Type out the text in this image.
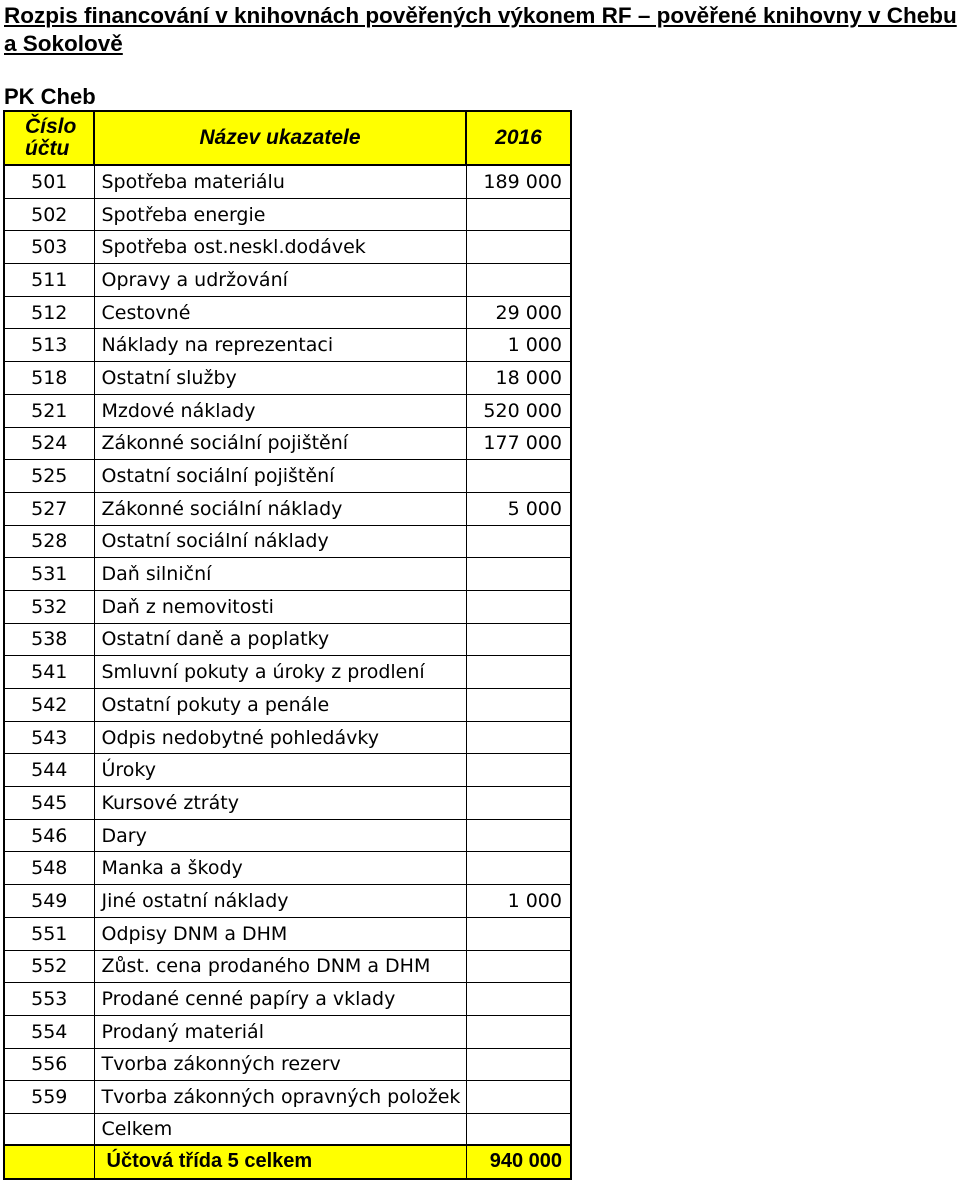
Rozpis financování v knihovnách pověřených výkonem RF – pověřené knihovny v Chebu a Sokolově
PK Cheb
Číslo účtu	Název ukazatele	2016
501	Spotřeba materiálu	189 000
502	Spotřeba energie	
503	Spotřeba ost.neskl.dodávek	
511	Opravy a udržování	
512	Cestovné	29 000
513	Náklady na reprezentaci	1 000
518	Ostatní služby	18 000
521	Mzdové náklady	520 000
524	Zákonné sociální pojištění	177 000
525	Ostatní sociální pojištění	
527	Zákonné sociální náklady	5 000
528	Ostatní sociální náklady	
531	Daň silniční	
532	Daň z nemovitosti	
538	Ostatní daně a poplatky	
541	Smluvní pokuty a úroky z prodlení	
542	Ostatní pokuty a penále	
543	Odpis nedobytné pohledávky	
544	Úroky	
545	Kursové ztráty	
546	Dary	
548	Manka a škody	
549	Jiné ostatní náklady	1 000
551	Odpisy DNM a DHM	
552	Zůst. cena prodaného DNM a DHM	
553	Prodané cenné papíry a vklady	
554	Prodaný materiál	
556	Tvorba zákonných rezerv	
559	Tvorba zákonných opravných položek	
	Celkem	
	Účtová třída 5 celkem	940 000
